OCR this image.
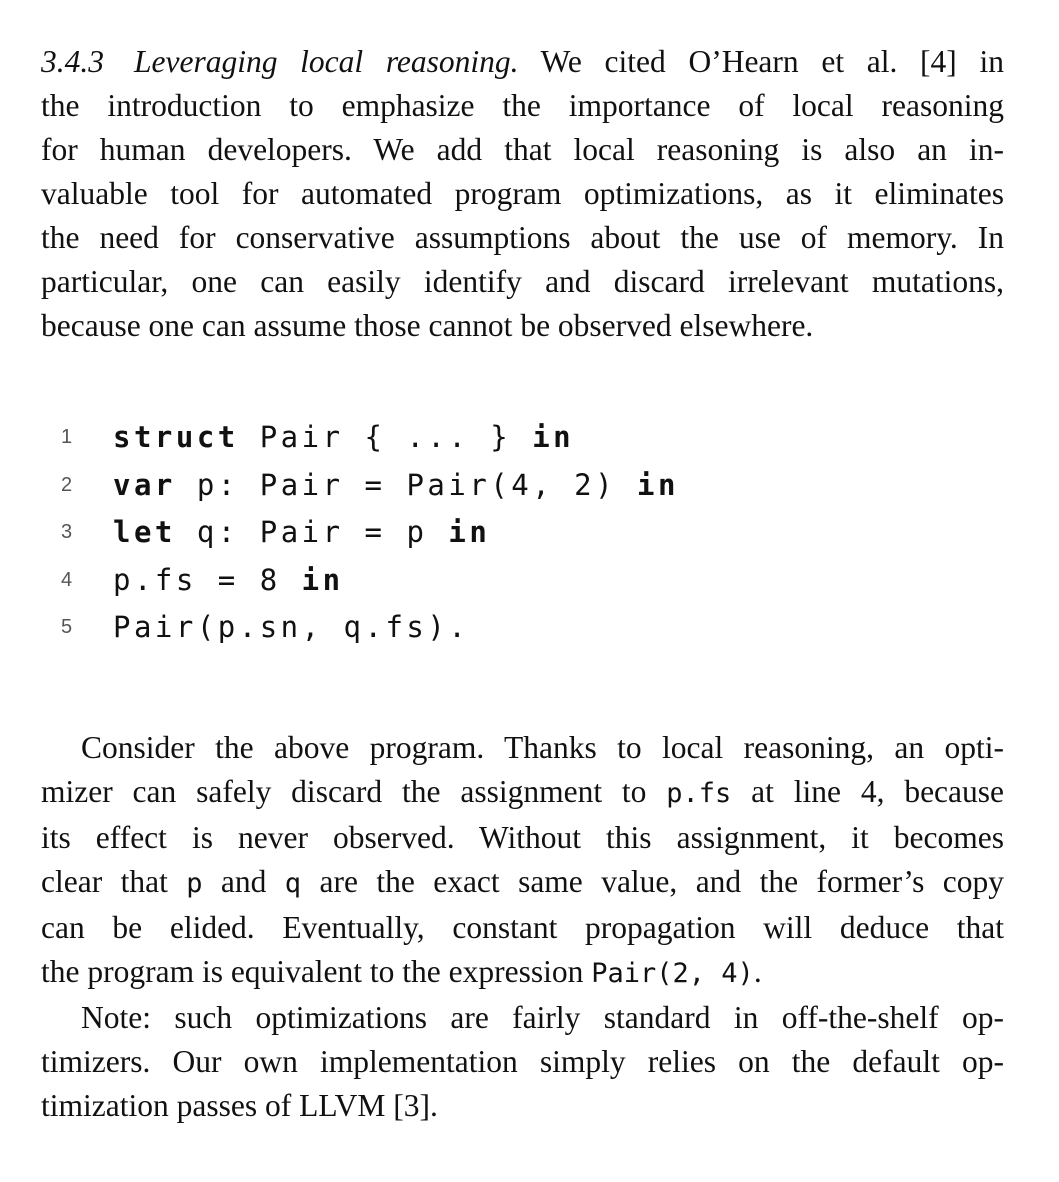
3.4.3 Leveraging local reasoning. We cited O’Hearn et al. [4] in
the introduction to emphasize the importance of local reasoning
for human developers. We add that local reasoning is also an in-
valuable tool for automated program optimizations, as it eliminates
the need for conservative assumptions about the use of memory. In
particular, one can easily identify and discard irrelevant mutations,
because one can assume those cannot be observed elsewhere.

1	struct Pair { ... } in
2	var p: Pair = Pair(4, 2) in
3	let q: Pair = p in
4	p.fs = 8 in
5	Pair(p.sn, q.fs).

Consider the above program. Thanks to local reasoning, an opti-
mizer can safely discard the assignment to p.fs at line 4, because
its effect is never observed. Without this assignment, it becomes
clear that p and q are the exact same value, and the former’s copy
can be elided. Eventually, constant propagation will deduce that
the program is equivalent to the expression Pair(2, 4).

Note: such optimizations are fairly standard in off-the-shelf op-
timizers. Our own implementation simply relies on the default op-
timization passes of LLVM [3].
